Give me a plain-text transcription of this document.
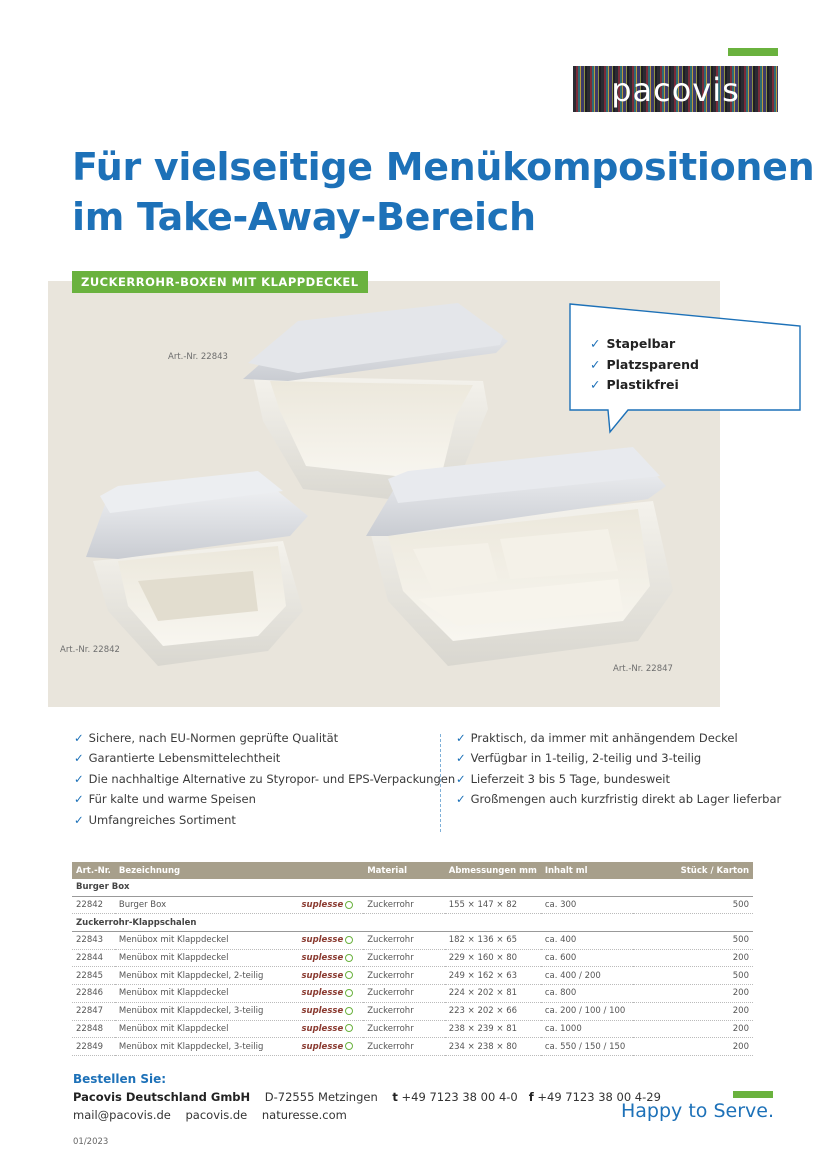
pacovis
Für vielseitige Menükompositionen
im Take-Away-Bereich
ZUCKERROHR-BOXEN MIT KLAPPDECKEL
Art.-Nr. 22843
Art.-Nr. 22842
Art.-Nr. 22847
✓ Stapelbar
✓ Platzsparend
✓ Plastikfrei
✓ Sichere, nach EU-Normen geprüfte Qualität
✓ Garantierte Lebensmittelechtheit
✓ Die nachhaltige Alternative zu Styropor- und EPS-Verpackungen
✓ Für kalte und warme Speisen
✓ Umfangreiches Sortiment
✓ Praktisch, da immer mit anhängendem Deckel
✓ Verfügbar in 1-teilig, 2-teilig und 3-teilig
✓ Lieferzeit 3 bis 5 Tage, bundesweit
✓ Großmengen auch kurzfristig direkt ab Lager lieferbar
Art.-Nr.	Bezeichnung	Material	Abmessungen mm	Inhalt ml	Stück / Karton
Burger Box					
22842	Burger Box suplesse	Zuckerrohr	155 × 147 × 82	ca. 300	500
Zuckerrohr-Klappschalen					
22843	Menübox mit Klappdeckel suplesse	Zuckerrohr	182 × 136 × 65	ca. 400	500
22844	Menübox mit Klappdeckel suplesse	Zuckerrohr	229 × 160 × 80	ca. 600	200
22845	Menübox mit Klappdeckel, 2-teilig suplesse	Zuckerrohr	249 × 162 × 63	ca. 400 / 200	500
22846	Menübox mit Klappdeckel suplesse	Zuckerrohr	224 × 202 × 81	ca. 800	200
22847	Menübox mit Klappdeckel, 3-teilig suplesse	Zuckerrohr	223 × 202 × 66	ca. 200 / 100 / 100	200
22848	Menübox mit Klappdeckel suplesse	Zuckerrohr	238 × 239 × 81	ca. 1000	200
22849	Menübox mit Klappdeckel, 3-teilig suplesse	Zuckerrohr	234 × 238 × 80	ca. 550 / 150 / 150	200
Bestellen Sie:
Pacovis Deutschland GmbH D-72555 Metzingen t +49 7123 38 00 4-0 f +49 7123 38 00 4-29
mail@pacovis.de pacovis.de naturesse.com	Happy to Serve.
01/2023
